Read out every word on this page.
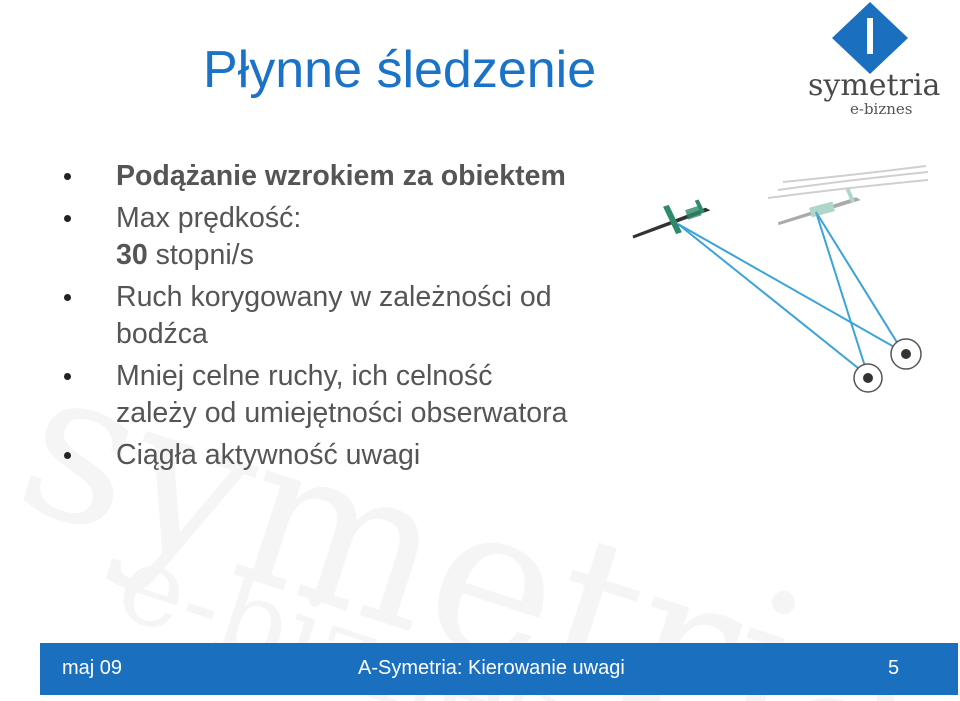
Płynne śledzenie	symetria
e-biznes
Podążanie wzrokiem za obiektem
Max prędkość:
30 stopni/s
Ruch korygowany w zależności od
bodźca
Mniej celne ruchy, ich celność
zależy od umiejętności obserwatora
Ciągła aktywność uwagi
maj 09	A-Symetria: Kierowanie uwagi	5
